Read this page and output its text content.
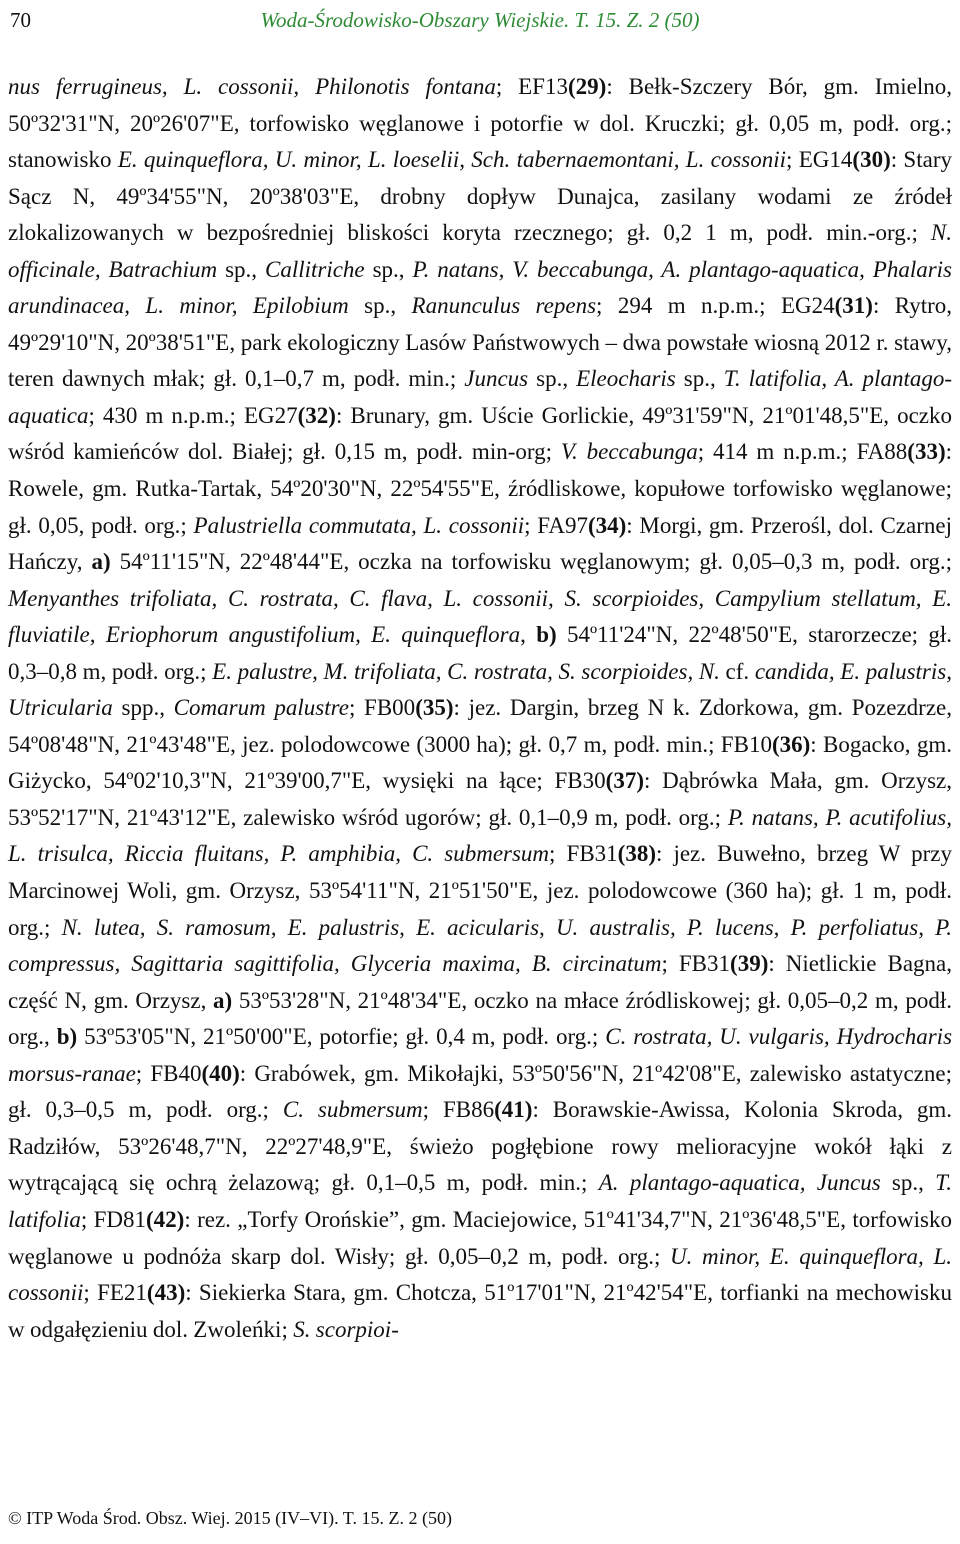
Woda-Środowisko-Obszary Wiejskie. T. 15. Z. 2 (50)
70

nus ferrugineus, L. cossonii, Philonotis fontana; EF13(29): Bełk-Szczery Bór, gm. Imielno, 50º32'31"N, 20º26'07"E, torfowisko węglanowe i potorfie w dol. Kruczki; gł. 0,05 m, podł. org.; stanowisko E. quinqueflora, U. minor, L. loeselii, Sch. tabernaemontani, L. cossonii; EG14(30): Stary Sącz N, 49º34'55"N, 20º38'03"E, drobny dopływ Dunajca, zasilany wodami ze źródeł zlokalizowanych w bezpośredniej bliskości koryta rzecznego; gł. 0,2 1 m, podł. min.-org.; N. officinale, Batrachium sp., Callitriche sp., P. natans, V. beccabunga, A. plantago-aquatica, Phalaris arundinacea, L. minor, Epilobium sp., Ranunculus repens; 294 m n.p.m.; EG24(31): Rytro, 49º29'10"N, 20º38'51"E, park ekologiczny Lasów Państwowych – dwa powstałe wiosną 2012 r. stawy, teren dawnych młak; gł. 0,1–0,7 m, podł. min.; Juncus sp., Eleocharis sp., T. latifolia, A. plantago-aquatica; 430 m n.p.m.; EG27(32): Brunary, gm. Uście Gorlickie, 49º31'59"N, 21º01'48,5"E, oczko wśród kamieńców dol. Białej; gł. 0,15 m, podł. min-org; V. beccabunga; 414 m n.p.m.; FA88(33): Rowele, gm. Rutka-Tartak, 54º20'30"N, 22º54'55"E, źródliskowe, kopułowe torfowisko węglanowe; gł. 0,05, podł. org.; Palustriella commutata, L. cossonii; FA97(34): Morgi, gm. Przerośl, dol. Czarnej Hańczy, a) 54º11'15"N, 22º48'44"E, oczka na torfowisku węglanowym; gł. 0,05–0,3 m, podł. org.; Menyanthes trifoliata, C. rostrata, C. flava, L. cossonii, S. scorpioides, Campylium stellatum, E. fluviatile, Eriophorum angustifolium, E. quinqueflora, b) 54º11'24"N, 22º48'50"E, starorzecze; gł. 0,3–0,8 m, podł. org.; E. palustre, M. trifoliata, C. rostrata, S. scorpioides, N. cf. candida, E. palustris, Utricularia spp., Comarum palustre; FB00(35): jez. Dargin, brzeg N k. Zdorkowa, gm. Pozezdrze, 54º08'48"N, 21º43'48"E, jez. polodowcowe (3000 ha); gł. 0,7 m, podł. min.; FB10(36): Bogacko, gm. Giżycko, 54º02'10,3"N, 21º39'00,7"E, wysięki na łące; FB30(37): Dąbrówka Mała, gm. Orzysz, 53º52'17"N, 21º43'12"E, zalewisko wśród ugorów; gł. 0,1–0,9 m, podł. org.; P. natans, P. acutifolius, L. trisulca, Riccia fluitans, P. amphibia, C. submersum; FB31(38): jez. Buwełno, brzeg W przy Marcinowej Woli, gm. Orzysz, 53º54'11"N, 21º51'50"E, jez. polodowcowe (360 ha); gł. 1 m, podł. org.; N. lutea, S. ramosum, E. palustris, E. acicularis, U. australis, P. lucens, P. perfoliatus, P. compressus, Sagittaria sagittifolia, Glyceria maxima, B. circinatum; FB31(39): Nietlickie Bagna, część N, gm. Orzysz, a) 53º53'28"N, 21º48'34"E, oczko na młace źródliskowej; gł. 0,05–0,2 m, podł. org., b) 53º53'05"N, 21º50'00"E, potorfie; gł. 0,4 m, podł. org.; C. rostrata, U. vulgaris, Hydrocharis morsus-ranae; FB40(40): Grabówek, gm. Mikołajki, 53º50'56"N, 21º42'08"E, zalewisko astatyczne; gł. 0,3–0,5 m, podł. org.; C. submersum; FB86(41): Borawskie-Awissa, Kolonia Skroda, gm. Radziłów, 53º26'48,7"N, 22º27'48,9"E, świeżo pogłębione rowy melioracyjne wokół łąki z wytrącającą się ochrą żelazową; gł. 0,1–0,5 m, podł. min.; A. plantago-aquatica, Juncus sp., T. latifolia; FD81(42): rez. „Torfy Orońskie”, gm. Maciejowice, 51º41'34,7"N, 21º36'48,5"E, torfowisko węglanowe u podnóża skarp dol. Wisły; gł. 0,05–0,2 m, podł. org.; U. minor, E. quinqueflora, L. cossonii; FE21(43): Siekierka Stara, gm. Chotcza, 51º17'01"N, 21º42'54"E, torfianki na mechowisku w odgałęzieniu dol. Zwoleńki; S. scorpioi-

© ITP Woda Środ. Obsz. Wiej. 2015 (IV–VI). T. 15. Z. 2 (50)
